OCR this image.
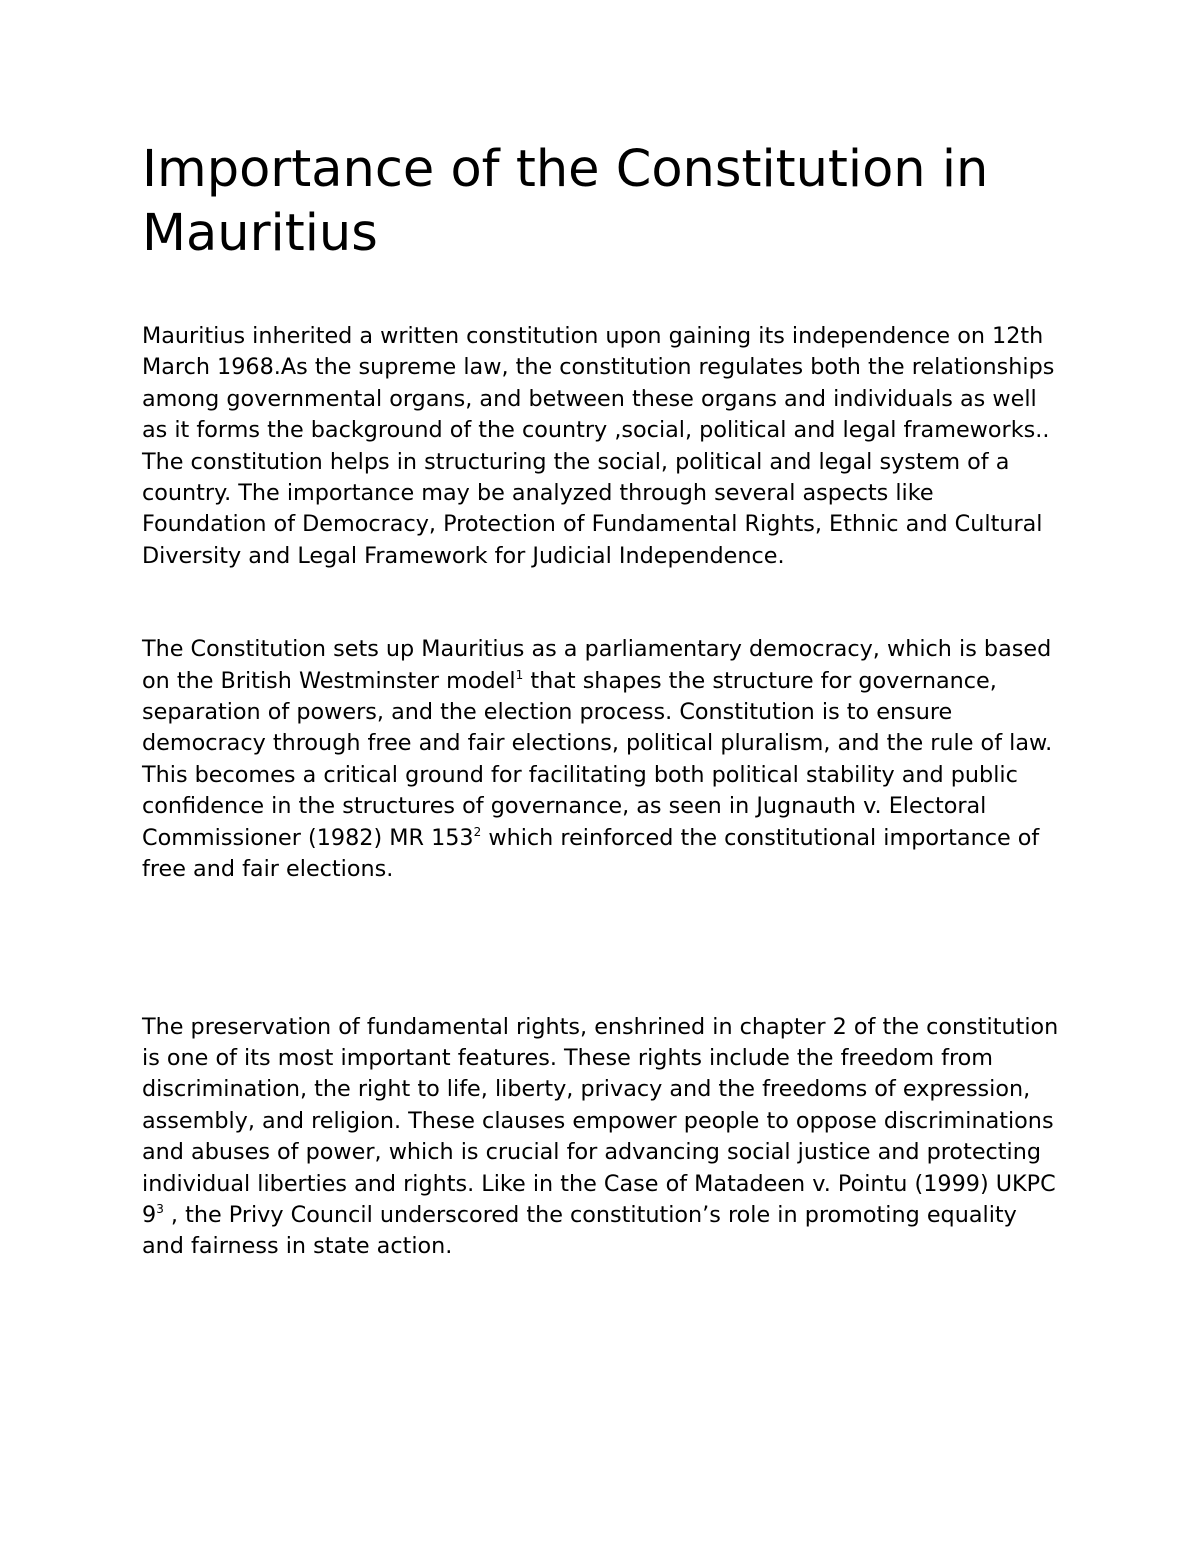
Importance of the Constitution in Mauritius

Mauritius inherited a written constitution upon gaining its independence on 12th March 1968.As the supreme law, the constitution regulates both the relationships among governmental organs, and between these organs and individuals as well as it forms the background of the country ,social, political and legal frameworks.. The constitution helps in structuring the social, political and legal system of a country. The importance may be analyzed through several aspects like Foundation of Democracy, Protection of Fundamental Rights, Ethnic and Cultural Diversity and Legal Framework for Judicial Independence.

The Constitution sets up Mauritius as a parliamentary democracy, which is based on the British Westminster model$^1$ that shapes the structure for governance, separation of powers, and the election process. Constitution is to ensure democracy through free and fair elections, political pluralism, and the rule of law. This becomes a critical ground for facilitating both political stability and public confidence in the structures of governance, as seen in Jugnauth v. Electoral Commissioner (1982) MR $153^2$ which reinforced the constitutional importance of free and fair elections.

The preservation of fundamental rights, enshrined in chapter 2 of the constitution is one of its most important features. These rights include the freedom from discrimination, the right to life, liberty, privacy and the freedoms of expression, assembly, and religion. These clauses empower people to oppose discriminations and abuses of power, which is crucial for advancing social justice and protecting individual liberties and rights. Like in the Case of Matadeen v. Pointu (1999) UKPC $9^3$ , the Privy Council underscored the constitution’s role in promoting equality and fairness in state action.
